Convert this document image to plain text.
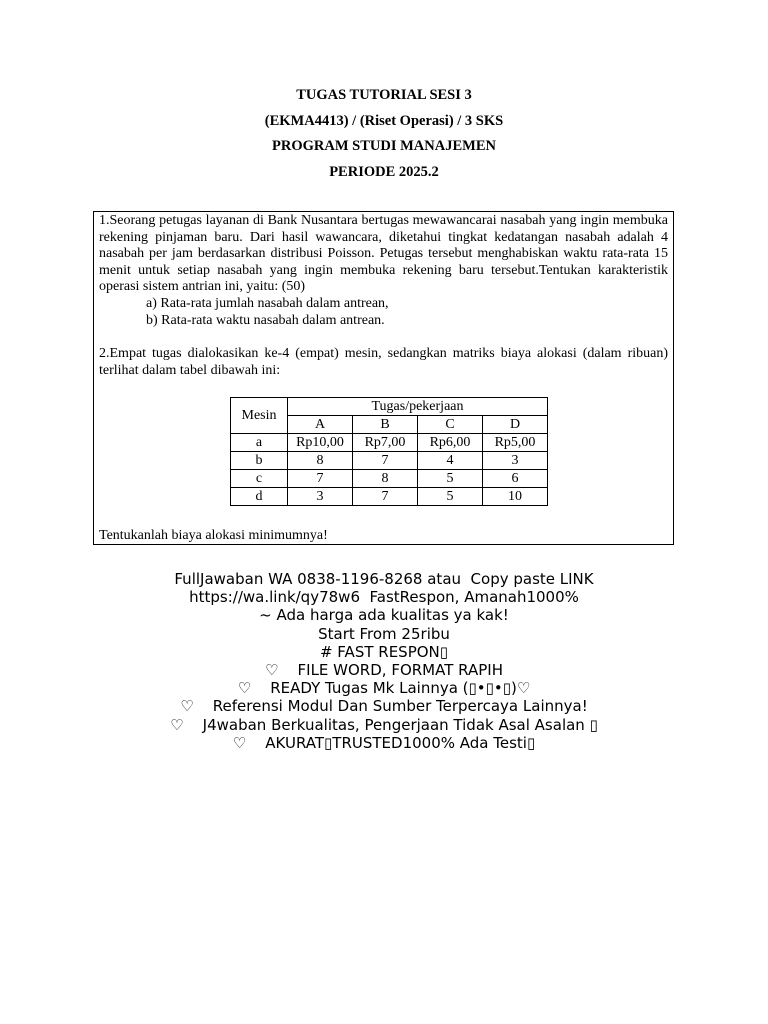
TUGAS TUTORIAL SESI 3
(EKMA4413) / (Riset Operasi) / 3 SKS
PROGRAM STUDI MANAJEMEN
PERIODE 2025.2

1.Seorang petugas layanan di Bank Nusantara bertugas mewawancarai nasabah yang ingin membuka rekening pinjaman baru. Dari hasil wawancara, diketahui tingkat kedatangan nasabah adalah 4 nasabah per jam berdasarkan distribusi Poisson. Petugas tersebut menghabiskan waktu rata-rata 15 menit untuk setiap nasabah yang ingin membuka rekening baru tersebut.Tentukan karakteristik operasi sistem antrian ini, yaitu: (50)

a) Rata-rata jumlah nasabah dalam antrean,

b) Rata-rata waktu nasabah dalam antrean.

2.Empat tugas dialokasikan ke-4 (empat) mesin, sedangkan matriks biaya alokasi (dalam ribuan) terlihat dalam tabel dibawah ini:

Mesin	Tugas/pekerjaan			
	A	B	C	D
a	Rp10,00	Rp7,00	Rp6,00	Rp5,00
b	8	7	4	3
c	7	8	5	6
d	3	7	5	10

Tentukanlah biaya alokasi minimumnya!

FullJawaban WA 0838-1196-8268 atau  Copy paste LINK
https://wa.link/qy78w6  FastRespon, Amanah1000%
~ Ada harga ada kualitas ya kak!
Start From 25ribu
# FAST RESPON▯
♡    FILE WORD, FORMAT RAPIH
♡    READY Tugas Mk Lainnya (▯•▯•▯)♡
♡    Referensi Modul Dan Sumber Terpercaya Lainnya!
♡    J4waban Berkualitas, Pengerjaan Tidak Asal Asalan ▯
♡    AKURAT▯TRUSTED1000% Ada Testi▯
